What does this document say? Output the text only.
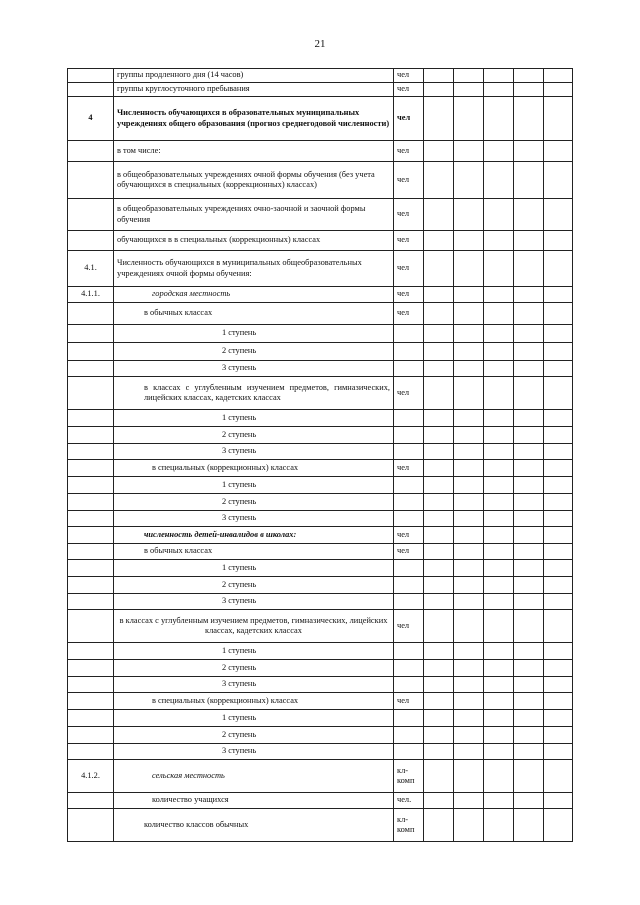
21
	группы продленного дня (14 часов)	чел					
	группы круглосуточного пребывания	чел					
4	Численность обучающихся в образовательных муниципальных учреждениях общего образования (прогноз среднегодовой численности)	чел					
	в том числе:	чел					
	в общеобразовательных учреждениях очной формы обучения (без учета обучающихся в специальных (коррекционных) классах)	чел					
	в общеобразовательных учреждениях очно-заочной и заочной формы обучения	чел					
	обучающихся в в специальных (коррекционных) классах	чел					
4.1.	Численность обучающихся в муниципальных общеобразовательных учреждениях очной формы обучения:	чел					
4.1.1.	городская местность	чел					
	в обычных классах	чел					
	1 ступень						
	2 ступень						
	3 ступень						
	в классах с углубленным изучением предметов, гимназических, лицейских классах, кадетских классах	чел					
	1 ступень						
	2 ступень						
	3 ступень						
	в специальных (коррекционных) классах	чел					
	1 ступень						
	2 ступень						
	3 ступень						
	численность детей-инвалидов в школах:	чел					
	в обычных классах	чел					
	1 ступень						
	2 ступень						
	3 ступень						
	в классах с углубленным изучением предметов, гимназических, лицейских классах, кадетских классах	чел					
	1 ступень						
	2 ступень						
	3 ступень						
	в специальных (коррекционных) классах	чел					
	1 ступень						
	2 ступень						
	3 ступень						
4.1.2.	сельская местность	кл-комп					
	количество учащихся	чел.					
	количество классов обычных	кл-комп					
